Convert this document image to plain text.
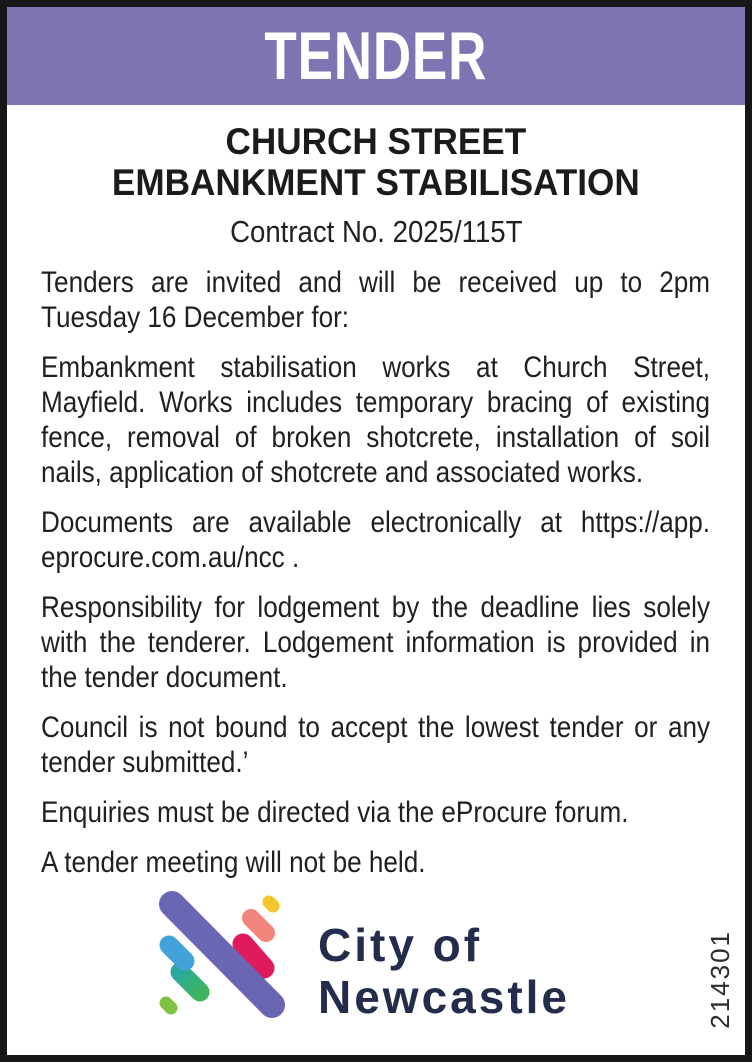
TENDER
CHURCH STREET
EMBANKMENT STABILISATION
Contract No. 2025/115T

Tenders are invited and will be received up to 2pm Tuesday 16 December for:

Embankment stabilisation works at Church Street, Mayfield. Works includes temporary bracing of existing fence, removal of broken shotcrete, installation of soil nails, application of shotcrete and associated works.

Documents are available electronically at https://app.​eprocure.com.au/ncc .

Responsibility for lodgement by the deadline lies solely with the tenderer. Lodgement information is provided in the tender document.

Council is not bound to accept the lowest tender or any tender submitted.’

Enquiries must be directed via the eProcure forum.

A tender meeting will not be held.

City of
Newcastle	214301
